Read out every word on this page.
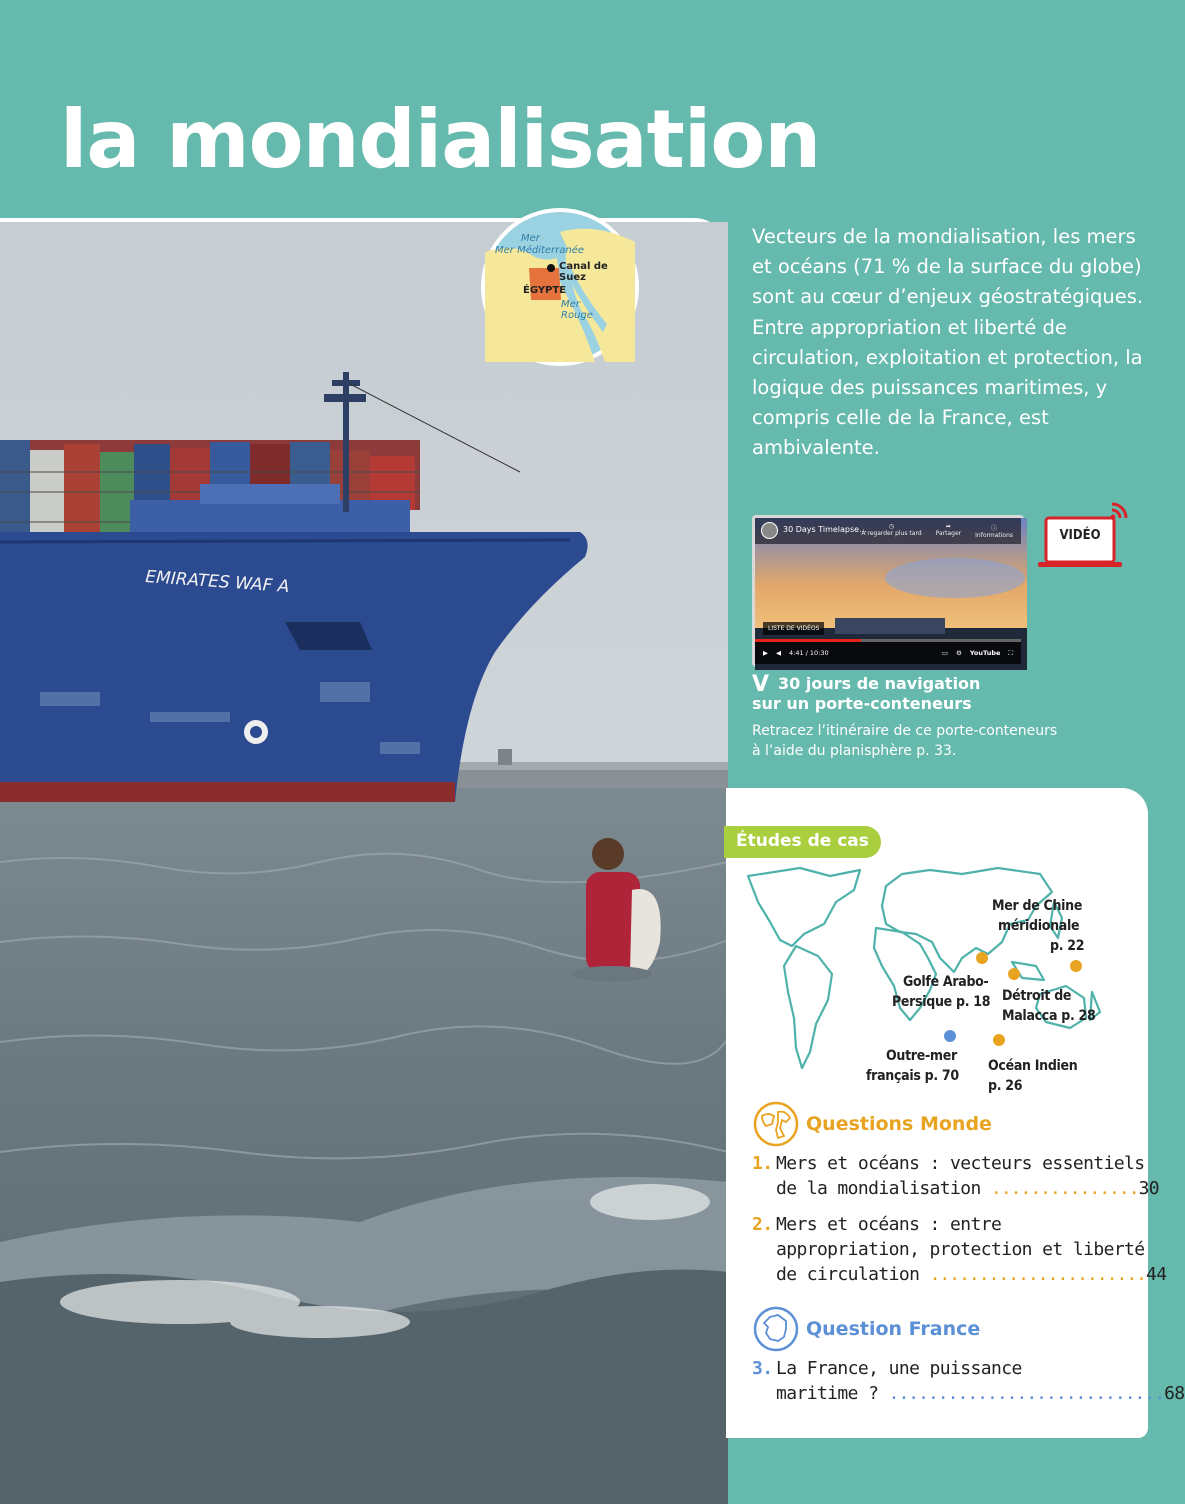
la mondialisation
EMIRATES WAF A
Mer
Mer Méditerranée
Canal de Suez
ÉGYPTE
Mer Rouge
Vecteurs de la mondialisation, les mers et océans (71 % de la surface du globe) sont au cœur d’enjeux géostratégiques. Entre appropriation et liberté de circulation, exploitation et protection, la logique des puissances maritimes, y compris celle de la France, est ambivalente.
30 Days Timelapse...	◷
À regarder plus tard
➦
Partager
ⓘ
Informations
LISTE DE VIDÉOS
▶ ◀ 4:41 / 10:30	▭ ⚙ YouTube ⛶
VIDÉO
V 30 jours de navigation
sur un porte-conteneurs
Retracez l’itinéraire de ce porte-conteneurs
à l’aide du planisphère p. 33.
Études de cas
Mer de Chine
méridionale
p. 22
Golfe Arabo-
Persique p. 18 Détroit de
Malacca p. 28
Outre-mer
français p. 70
Océan Indien
p. 26
Questions Monde
1. Mers et océans : vecteurs essentiels
de la mondialisation ...............30
2. Mers et océans : entre
appropriation, protection et liberté
de circulation ......................44
Question France
3. La France, une puissance
maritime ? ............................68
